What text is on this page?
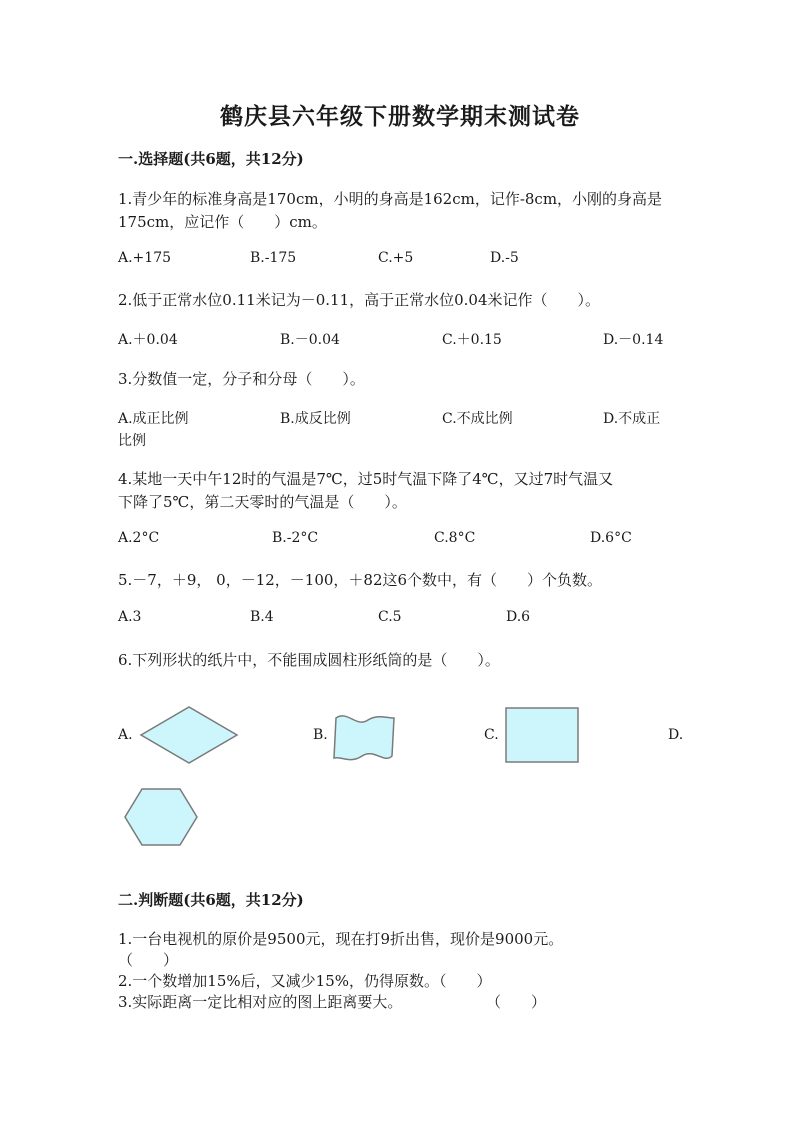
鹤庆县六年级下册数学期末测试卷
一.选择题(共6题，共12分)
1.青少年的标准身高是170cm，小明的身高是162cm，记作-8cm，小刚的身高是
175cm，应记作（　　）cm。
A.+175	B.-175	C.+5	D.-5
2.低于正常水位0.11米记为－0.11，高于正常水位0.04米记作（　　）。
A.＋0.04	B.－0.04	C.＋0.15	D.－0.14
3.分数值一定，分子和分母（　　）。
A.成正比例	B.成反比例	C.不成比例	D.不成正
比例
4.某地一天中午12时的气温是7℃，过5时气温下降了4℃，又过7时气温又
下降了5℃，第二天零时的气温是（　　）。
A.2°C	B.-2°C	C.8°C	D.6°C
5.－7，＋9， 0，－12，－100，＋82这6个数中，有（　　）个负数。
A.3	B.4	C.5	D.6
6.下列形状的纸片中，不能围成圆柱形纸筒的是（　　）。
A.	B.	C.	D.
二.判断题(共6题，共12分)
1.一台电视机的原价是9500元，现在打9折出售，现价是9000元。
（　　）
2.一个数增加15%后，又减少15%，仍得原数。（　　）
3.实际距离一定比相对应的图上距离要大。	（　　）
